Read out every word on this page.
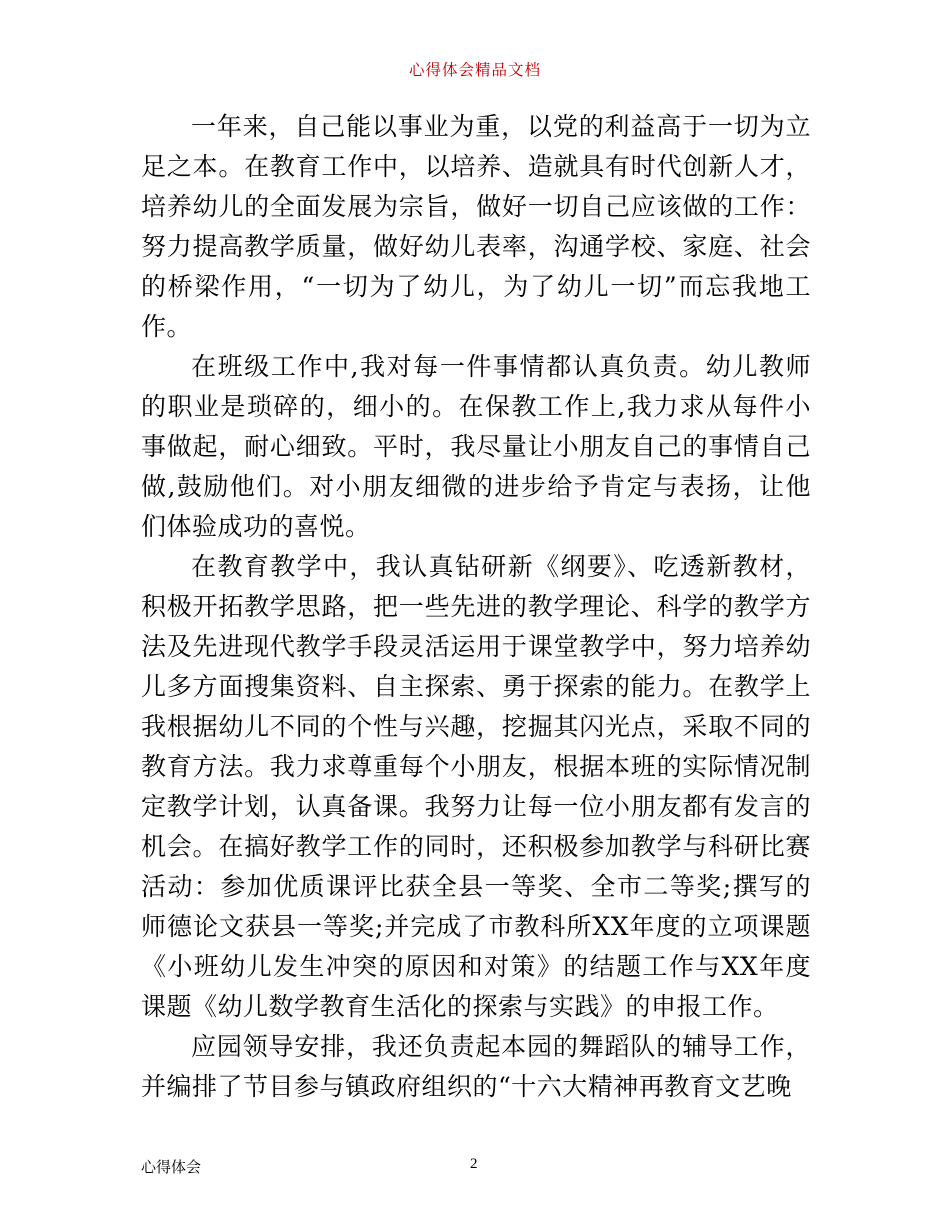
心得体会精品文档

一年来，自己能以事业为重，以党的利益高于一切为立足之本。在教育工作中，以培养、造就具有时代创新人才，培养幼儿的全面发展为宗旨，做好一切自己应该做的工作：努力提高教学质量，做好幼儿表率，沟通学校、家庭、社会的桥梁作用，“一切为了幼儿，为了幼儿一切”而忘我地工作。

在班级工作中,我对每一件事情都认真负责。幼儿教师的职业是琐碎的，细小的。在保教工作上,我力求从每件小事做起，耐心细致。平时，我尽量让小朋友自己的事情自己做,鼓励他们。对小朋友细微的进步给予肯定与表扬，让他们体验成功的喜悦。

在教育教学中，我认真钻研新《纲要》、吃透新教材，积极开拓教学思路，把一些先进的教学理论、科学的教学方法及先进现代教学手段灵活运用于课堂教学中，努力培养幼儿多方面搜集资料、自主探索、勇于探索的能力。在教学上我根据幼儿不同的个性与兴趣，挖掘其闪光点，采取不同的教育方法。我力求尊重每个小朋友，根据本班的实际情况制定教学计划，认真备课。我努力让每一位小朋友都有发言的机会。在搞好教学工作的同时，还积极参加教学与科研比赛活动：参加优质课评比获全县一等奖、全市二等奖;撰写的师德论文获县一等奖;并完成了市教科所XX年度的立项课题《小班幼儿发生冲突的原因和对策》的结题工作与XX年度课题《幼儿数学教育生活化的探索与实践》的申报工作。

应园领导安排，我还负责起本园的舞蹈队的辅导工作，并编排了节目参与镇政府组织的“十六大精神再教育文艺晚

心得体会	2
